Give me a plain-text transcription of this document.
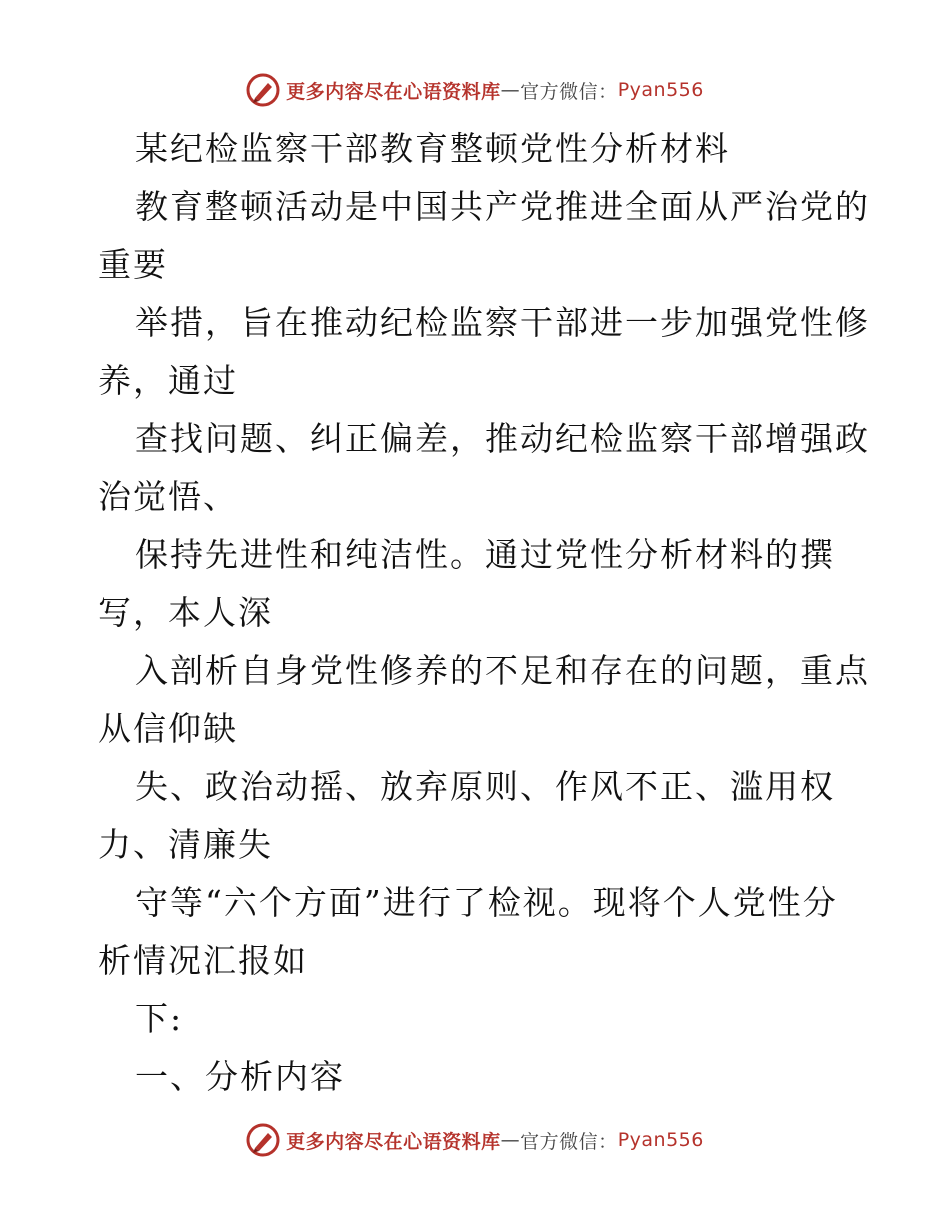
更多内容尽在心语资料库 — 官方微信： Pyan556
某纪检监察干部教育整顿党性分析材料
教育整顿活动是中国共产党推进全面从严治党的
重要
举措，旨在推动纪检监察干部进一步加强党性修
养，通过
查找问题、纠正偏差，推动纪检监察干部增强政
治觉悟、
保持先进性和纯洁性。通过党性分析材料的撰
写，本人深
入剖析自身党性修养的不足和存在的问题，重点
从信仰缺
失、政治动摇、放弃原则、作风不正、滥用权
力、清廉失
守等“六个方面”进行了检视。现将个人党性分
析情况汇报如
下:
一、分析内容
更多内容尽在心语资料库 — 官方微信： Pyan556
